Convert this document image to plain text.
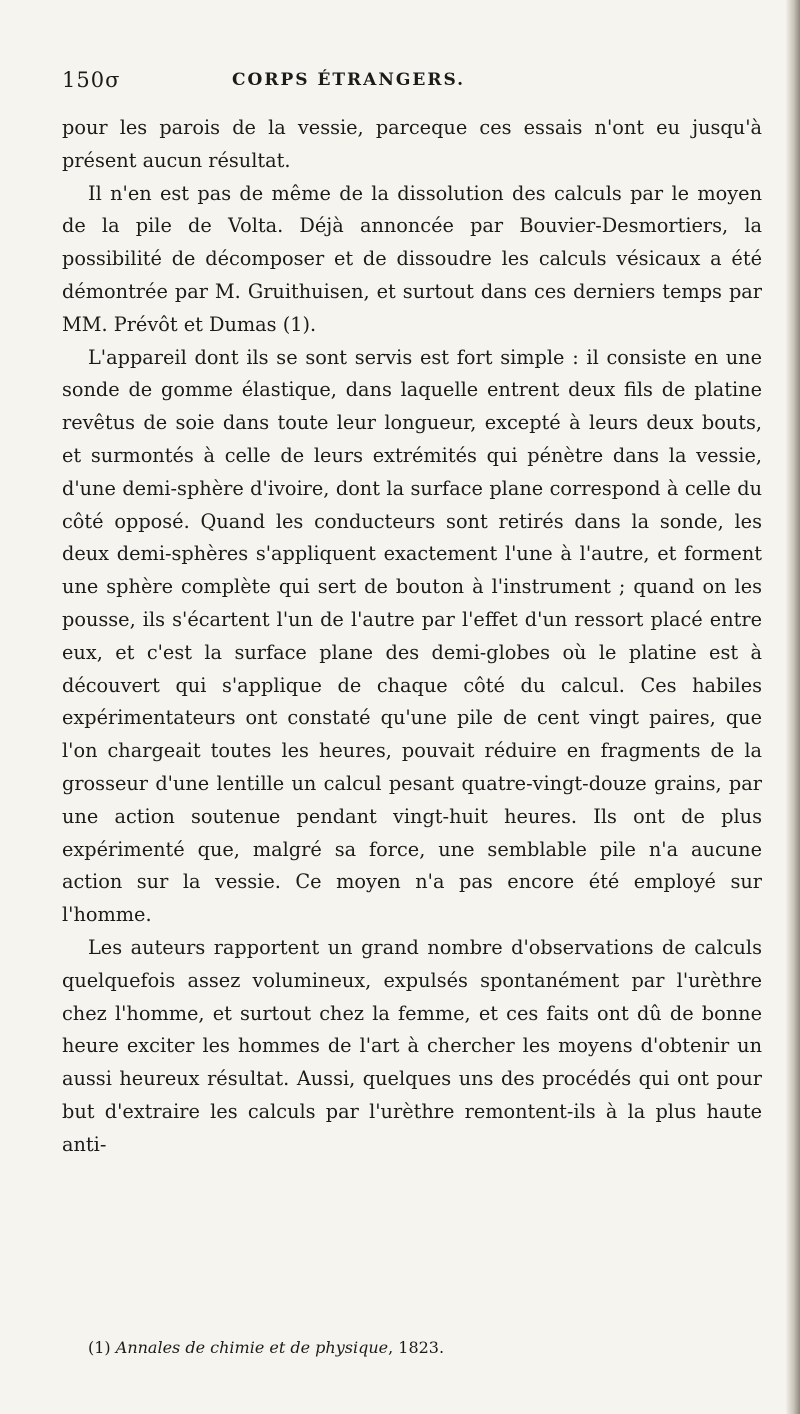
150σ	CORPS ÉTRANGERS.

pour les parois de la vessie, parceque ces essais n'ont eu jusqu'à présent aucun résultat.

Il n'en est pas de même de la dissolution des calculs par le moyen de la pile de Volta. Déjà annoncée par Bouvier-Desmortiers, la possibilité de décomposer et de dissoudre les calculs vésicaux a été démontrée par M. Gruithuisen, et surtout dans ces derniers temps par MM. Prévôt et Dumas (1).

L'appareil dont ils se sont servis est fort simple : il consiste en une sonde de gomme élastique, dans laquelle entrent deux fils de platine revêtus de soie dans toute leur longueur, excepté à leurs deux bouts, et surmontés à celle de leurs extrémités qui pénètre dans la vessie, d'une demi-sphère d'ivoire, dont la surface plane correspond à celle du côté opposé. Quand les conducteurs sont retirés dans la sonde, les deux demi-sphères s'appliquent exactement l'une à l'autre, et forment une sphère complète qui sert de bouton à l'instrument ; quand on les pousse, ils s'écartent l'un de l'autre par l'effet d'un ressort placé entre eux, et c'est la surface plane des demi-globes où le platine est à découvert qui s'applique de chaque côté du calcul. Ces habiles expérimentateurs ont constaté qu'une pile de cent vingt paires, que l'on chargeait toutes les heures, pouvait réduire en fragments de la grosseur d'une lentille un calcul pesant quatre-vingt-douze grains, par une action soutenue pendant vingt-huit heures. Ils ont de plus expérimenté que, malgré sa force, une semblable pile n'a aucune action sur la vessie. Ce moyen n'a pas encore été employé sur l'homme.

Les auteurs rapportent un grand nombre d'observations de calculs quelquefois assez volumineux, expulsés spontanément par l'urèthre chez l'homme, et surtout chez la femme, et ces faits ont dû de bonne heure exciter les hommes de l'art à chercher les moyens d'obtenir un aussi heureux résultat. Aussi, quelques uns des procédés qui ont pour but d'extraire les calculs par l'urèthre remontent-ils à la plus haute anti-

(1) Annales de chimie et de physique, 1823.
